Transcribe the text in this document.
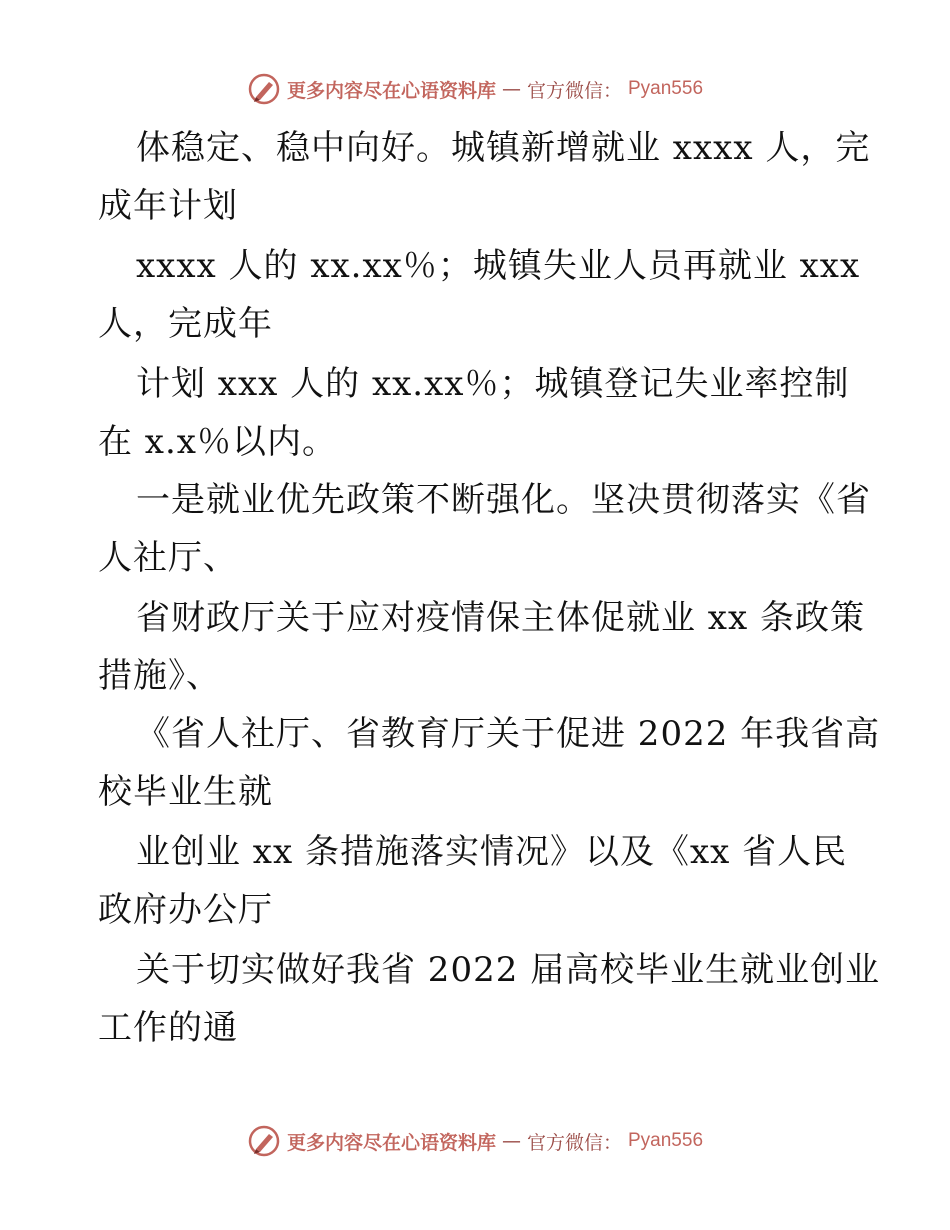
更多内容尽在心语资料库 — 官方微信： Pyan556
体稳定、稳中向好。城镇新增就业 xxxx 人，完
成年计划
xxxx 人的 xx.xx％；城镇失业人员再就业 xxx
人，完成年
计划 xxx 人的 xx.xx％；城镇登记失业率控制
在 x.x％以内。
一是就业优先政策不断强化。坚决贯彻落实《省
人社厅、
省财政厅关于应对疫情保主体促就业 xx 条政策
措施》、
《省人社厅、省教育厅关于促进 2022 年我省高
校毕业生就
业创业 xx 条措施落实情况》以及《xx 省人民
政府办公厅
关于切实做好我省 2022 届高校毕业生就业创业
工作的通
更多内容尽在心语资料库 — 官方微信： Pyan556
